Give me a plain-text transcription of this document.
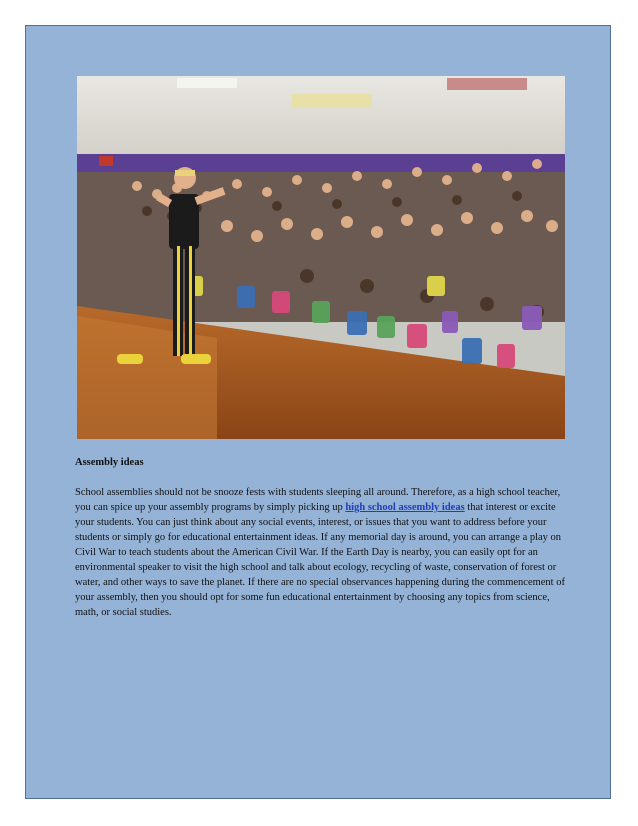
Assembly ideas

School assemblies should not be snooze fests with students sleeping all around. Therefore, as a high school teacher, you can spice up your assembly programs by simply picking up high school assembly ideas that interest or excite your students. You can just think about any social events, interest, or issues that you want to address before your students or simply go for educational entertainment ideas. If any memorial day is around, you can arrange a play on Civil War to teach students about the American Civil War. If the Earth Day is nearby, you can easily opt for an environmental speaker to visit the high school and talk about ecology, recycling of waste, conservation of forest or water, and other ways to save the planet. If there are no special observances happening during the commencement of your assembly, then you should opt for some fun educational entertainment by choosing any topics from science, math, or social studies.
